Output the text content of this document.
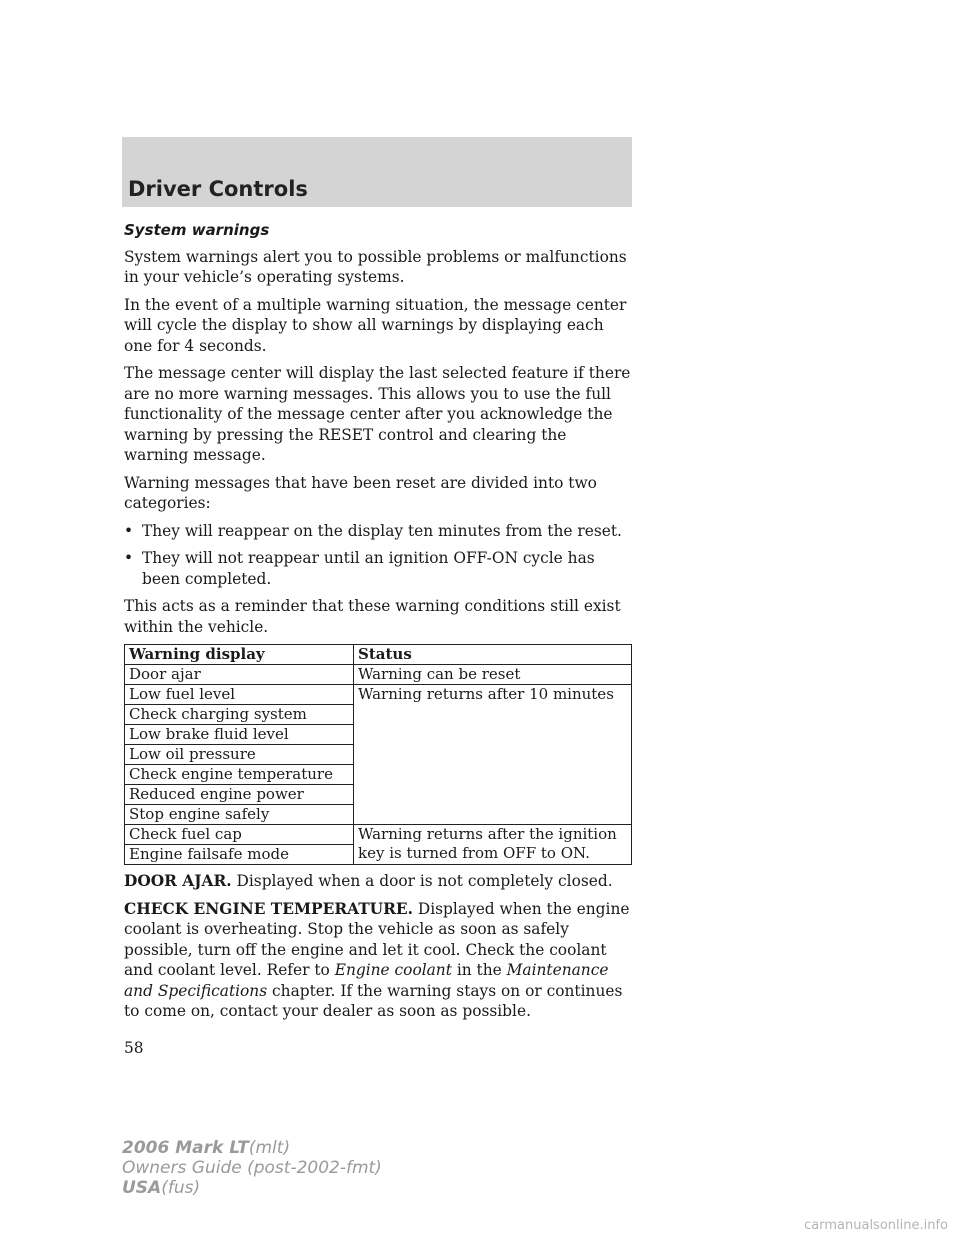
Driver Controls
System warnings

System warnings alert you to possible problems or malfunctions in your vehicle’s operating systems.

In the event of a multiple warning situation, the message center will cycle the display to show all warnings by displaying each one for 4 seconds.

The message center will display the last selected feature if there are no more warning messages. This allows you to use the full functionality of the message center after you acknowledge the warning by pressing the RESET control and clearing the warning message.

Warning messages that have been reset are divided into two categories:

• They will reappear on the display ten minutes from the reset.
• They will not reappear until an ignition OFF-ON cycle has been completed.

This acts as a reminder that these warning conditions still exist within the vehicle.

Warning display	Status
Door ajar	Warning can be reset
Low fuel level	Warning returns after 10 minutes
Check charging system	
Low brake fluid level	
Low oil pressure	
Check engine temperature	
Reduced engine power	
Stop engine safely	
Check fuel cap	Warning returns after the ignition key is turned from OFF to ON.
Engine failsafe mode	

DOOR AJAR. Displayed when a door is not completely closed.

CHECK ENGINE TEMPERATURE. Displayed when the engine coolant is overheating. Stop the vehicle as soon as safely possible, turn off the engine and let it cool. Check the coolant and coolant level. Refer to Engine coolant in the Maintenance and Specifications chapter. If the warning stays on or continues to come on, contact your dealer as soon as possible.

58
2006 Mark LT(mlt)
Owners Guide (post-2002-fmt)
USA(fus)
carmanualsonline.info
